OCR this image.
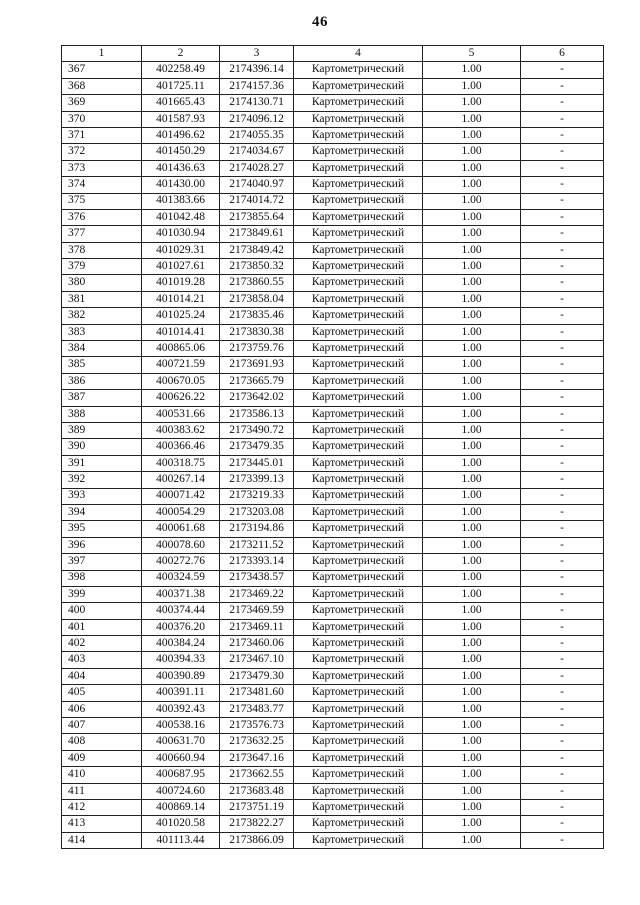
46
1	2	3	4	5	6
367	402258.49	2174396.14	Картометрический	1.00	-
368	401725.11	2174157.36	Картометрический	1.00	-
369	401665.43	2174130.71	Картометрический	1.00	-
370	401587.93	2174096.12	Картометрический	1.00	-
371	401496.62	2174055.35	Картометрический	1.00	-
372	401450.29	2174034.67	Картометрический	1.00	-
373	401436.63	2174028.27	Картометрический	1.00	-
374	401430.00	2174040.97	Картометрический	1.00	-
375	401383.66	2174014.72	Картометрический	1.00	-
376	401042.48	2173855.64	Картометрический	1.00	-
377	401030.94	2173849.61	Картометрический	1.00	-
378	401029.31	2173849.42	Картометрический	1.00	-
379	401027.61	2173850.32	Картометрический	1.00	-
380	401019.28	2173860.55	Картометрический	1.00	-
381	401014.21	2173858.04	Картометрический	1.00	-
382	401025.24	2173835.46	Картометрический	1.00	-
383	401014.41	2173830.38	Картометрический	1.00	-
384	400865.06	2173759.76	Картометрический	1.00	-
385	400721.59	2173691.93	Картометрический	1.00	-
386	400670.05	2173665.79	Картометрический	1.00	-
387	400626.22	2173642.02	Картометрический	1.00	-
388	400531.66	2173586.13	Картометрический	1.00	-
389	400383.62	2173490.72	Картометрический	1.00	-
390	400366.46	2173479.35	Картометрический	1.00	-
391	400318.75	2173445.01	Картометрический	1.00	-
392	400267.14	2173399.13	Картометрический	1.00	-
393	400071.42	2173219.33	Картометрический	1.00	-
394	400054.29	2173203.08	Картометрический	1.00	-
395	400061.68	2173194.86	Картометрический	1.00	-
396	400078.60	2173211.52	Картометрический	1.00	-
397	400272.76	2173393.14	Картометрический	1.00	-
398	400324.59	2173438.57	Картометрический	1.00	-
399	400371.38	2173469.22	Картометрический	1.00	-
400	400374.44	2173469.59	Картометрический	1.00	-
401	400376.20	2173469.11	Картометрический	1.00	-
402	400384.24	2173460.06	Картометрический	1.00	-
403	400394.33	2173467.10	Картометрический	1.00	-
404	400390.89	2173479.30	Картометрический	1.00	-
405	400391.11	2173481.60	Картометрический	1.00	-
406	400392.43	2173483.77	Картометрический	1.00	-
407	400538.16	2173576.73	Картометрический	1.00	-
408	400631.70	2173632.25	Картометрический	1.00	-
409	400660.94	2173647.16	Картометрический	1.00	-
410	400687.95	2173662.55	Картометрический	1.00	-
411	400724.60	2173683.48	Картометрический	1.00	-
412	400869.14	2173751.19	Картометрический	1.00	-
413	401020.58	2173822.27	Картометрический	1.00	-
414	401113.44	2173866.09	Картометрический	1.00	-
